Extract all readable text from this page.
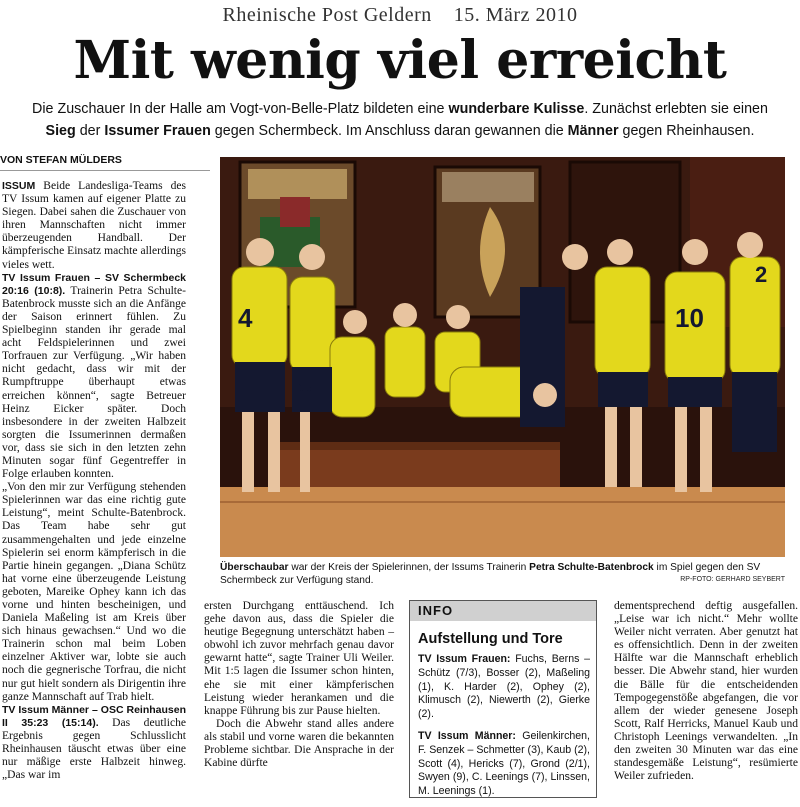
Rheinische Post Geldern 15. März 2010
Mit wenig viel erreicht
Die Zuschauer In der Halle am Vogt-von-Belle-Platz bildeten eine wunderbare Kulisse. Zunächst erlebten sie einen Sieg der Issumer Frauen gegen Schermbeck. Im Anschluss daran gewannen die Männer gegen Rheinhausen.
VON STEFAN MÜLDERS

ISSUM Beide Landesliga-Teams des TV Issum kamen auf eigener Platte zu Siegen. Dabei sahen die Zuschauer von ihren Mannschaften nicht immer überzeugenden Handball. Der kämpferische Einsatz machte allerdings vieles wett.

TV Issum Frauen – SV Schermbeck 20:16 (10:8). Trainerin Petra Schulte-Batenbrock musste sich an die Anfänge der Saison erinnert fühlen. Zu Spielbeginn standen ihr gerade mal acht Feldspielerinnen und zwei Torfrauen zur Verfügung. „Wir haben nicht gedacht, dass wir mit der Rumpftruppe überhaupt etwas erreichen können“, sagte Betreuer Heinz Eicker später. Doch insbesondere in der zweiten Halbzeit sorgten die Issumerinnen dermaßen vor, dass sie sich in den letzten zehn Minuten sogar fünf Gegentreffer in Folge erlauben konnten.

„Von den mir zur Verfügung stehenden Spielerinnen war das eine richtig gute Leistung“, meint Schulte-Batenbrock. Das Team habe sehr gut zusammengehalten und jede einzelne Spielerin sei enorm kämpferisch in die Partie hinein gegangen. „Diana Schütz hat vorne eine überzeugende Leistung geboten, Mareike Ophey kann ich das vorne und hinten bescheinigen, und Daniela Maßeling ist am Kreis über sich hinaus gewachsen.“ Und wo die Trainerin schon mal beim Loben einzelner Aktiver war, lobte sie auch noch die gegnerische Torfrau, die nicht nur gut hielt sondern als Dirigentin ihre ganze Mannschaft auf Trab hielt.

TV Issum Männer – OSC Reinhausen II 35:23 (15:14). Das deutliche Ergebnis gegen Schlusslicht Rheinhausen täuscht etwas über eine nur mäßige erste Halbzeit hinweg. „Das war im

4
15
10
2
Überschaubar war der Kreis der Spielerinnen, der Issums Trainerin Petra Schulte-Batenbrock im Spiel gegen den SV Schermbeck zur Verfügung stand.	RP-FOTO: GERHARD SEYBERT

ersten Durchgang enttäuschend. Ich gehe davon aus, dass die Spieler die heutige Begegnung unterschätzt haben – obwohl ich zuvor mehrfach genau davor gewarnt hatte“, sagte Trainer Uli Weiler. Mit 1:5 lagen die Issumer schon hinten, ehe sie mit einer kämpferischen Leistung wieder herankamen und die knappe Führung bis zur Pause hielten.

Doch die Abwehr stand alles andere als stabil und vorne waren die bekannten Probleme sichtbar. Die Ansprache in der Kabine dürfte

INFO
Aufstellung und Tore

TV Issum Frauen: Fuchs, Berns – Schütz (7/3), Bosser (2), Maßeling (1), K. Harder (2), Ophey (2), Klimusch (2), Niewerth (2), Gierke (2).

TV Issum Männer: Geilenkirchen, F. Senzek – Schmetter (3), Kaub (2), Scott (4), Hericks (7), Grond (2/1), Swyen (9), C. Leenings (7), Linssen, M. Leenings (1).

dementsprechend deftig ausgefallen. „Leise war ich nicht.“ Mehr wollte Weiler nicht verraten. Aber genutzt hat es offensichtlich. Denn in der zweiten Hälfte war die Mannschaft erheblich besser. Die Abwehr stand, hier wurden die Bälle für die entscheidenden Tempogegenstöße abgefangen, die vor allem der wieder genesene Joseph Scott, Ralf Herricks, Manuel Kaub und Christoph Leenings verwandelten. „In den zweiten 30 Minuten war das eine standesgemäße Leistung“, resümierte Weiler zufrieden.
